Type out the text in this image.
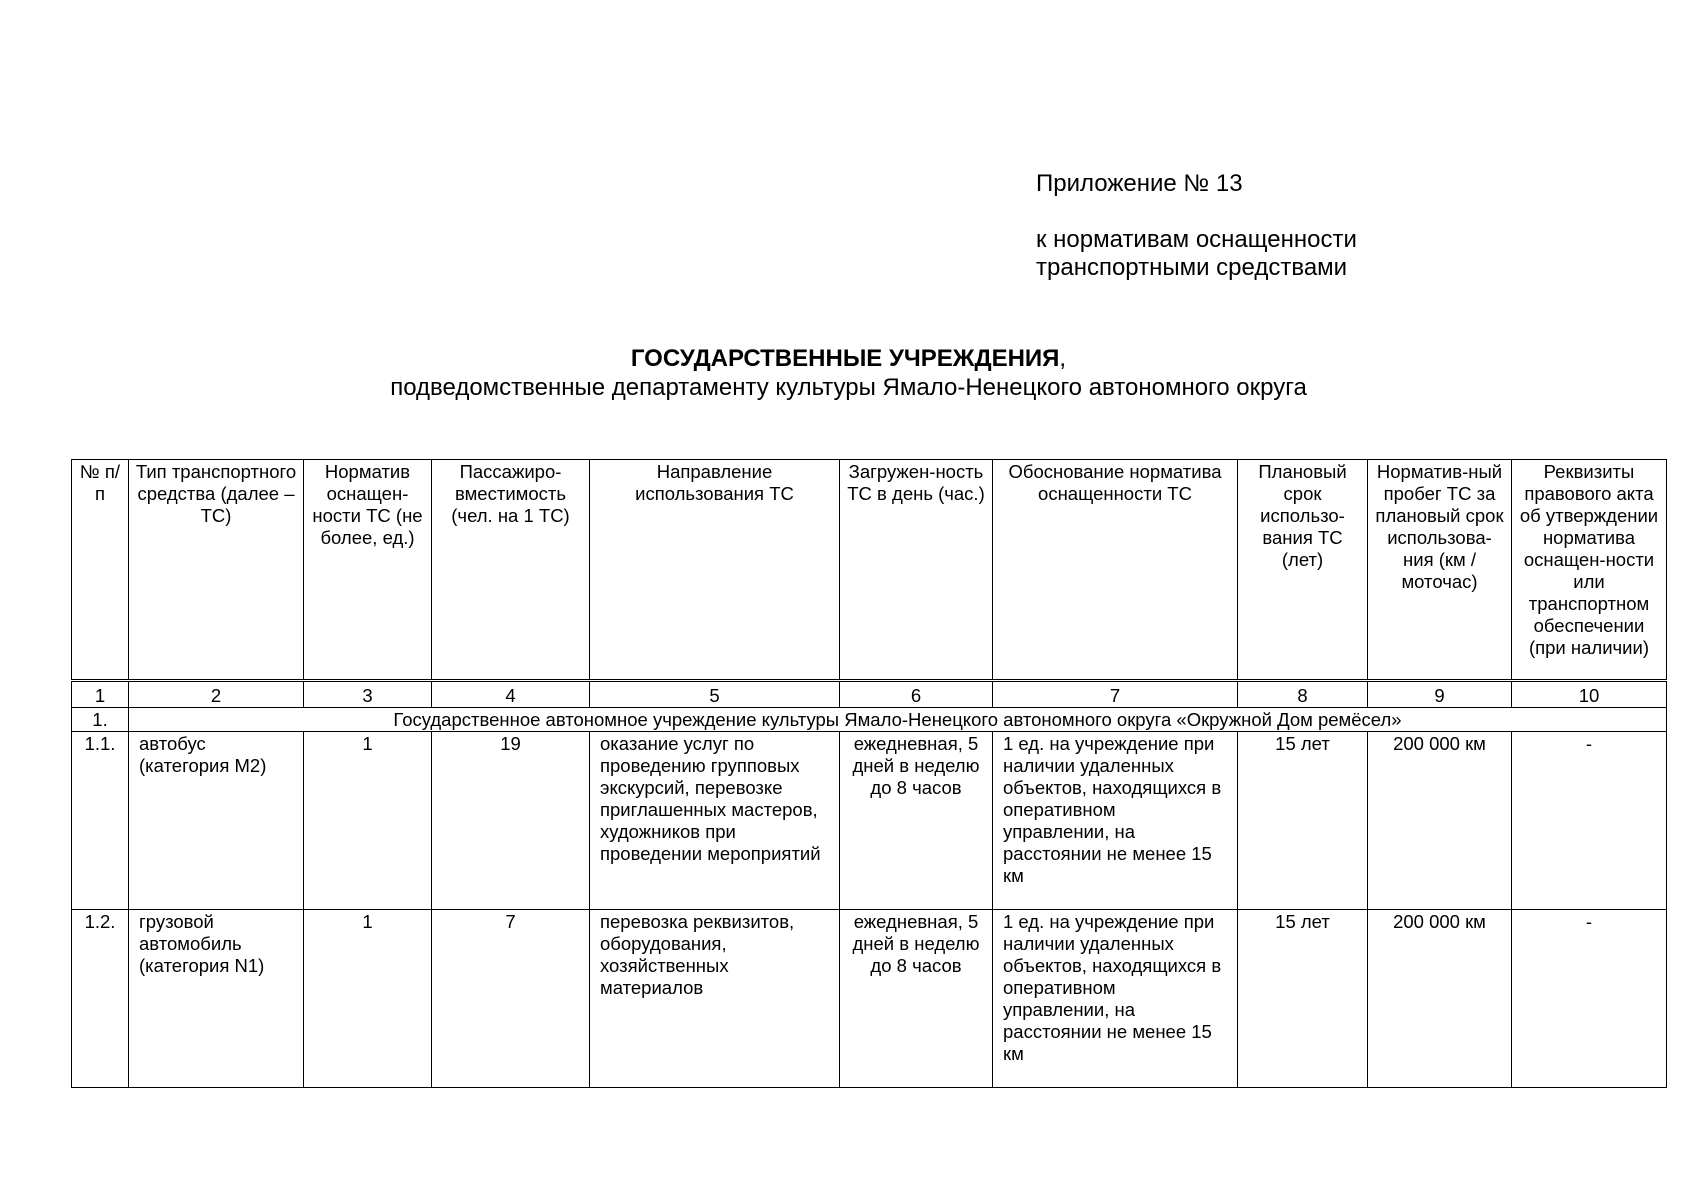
Приложение № 13
к нормативам оснащенности
транспортными средствами
ГОСУДАРСТВЕННЫЕ УЧРЕЖДЕНИЯ,
подведомственные департаменту культуры Ямало-Ненецкого автономного округа
№ п/п	Тип транспортного средства (далее – ТС)	Норматив оснащен-ности ТС (не более, ед.)	Пассажиро-вместимость (чел. на 1 ТС)	Направление использования ТС	Загружен-ность ТС в день (час.)	Обоснование норматива оснащенности ТС	Плановый срок использо-вания ТС (лет)	Норматив-ный пробег ТС за плановый срок использова-ния (км / моточас)	Реквизиты правового акта об утверждении норматива оснащен-ности или транспортном обеспечении (при наличии)
1	2	3	4	5	6	7	8	9	10
1.	Государственное автономное учреждение культуры Ямало-Ненецкого автономного округа «Окружной Дом ремёсел»								
1.1.	автобус (категория М2)	1	19	оказание услуг по проведению групповых экскурсий, перевозке приглашенных мастеров, художников при проведении мероприятий	ежедневная, 5 дней в неделю до 8 часов	1 ед. на учреждение при наличии удаленных объектов, находящихся в оперативном управлении, на расстоянии не менее 15 км	15 лет	200 000 км	-
1.2.	грузовой автомобиль (категория N1)	1	7	перевозка реквизитов, оборудования, хозяйственных материалов	ежедневная, 5 дней в неделю до 8 часов	1 ед. на учреждение при наличии удаленных объектов, находящихся в оперативном управлении, на расстоянии не менее 15 км	15 лет	200 000 км	-
